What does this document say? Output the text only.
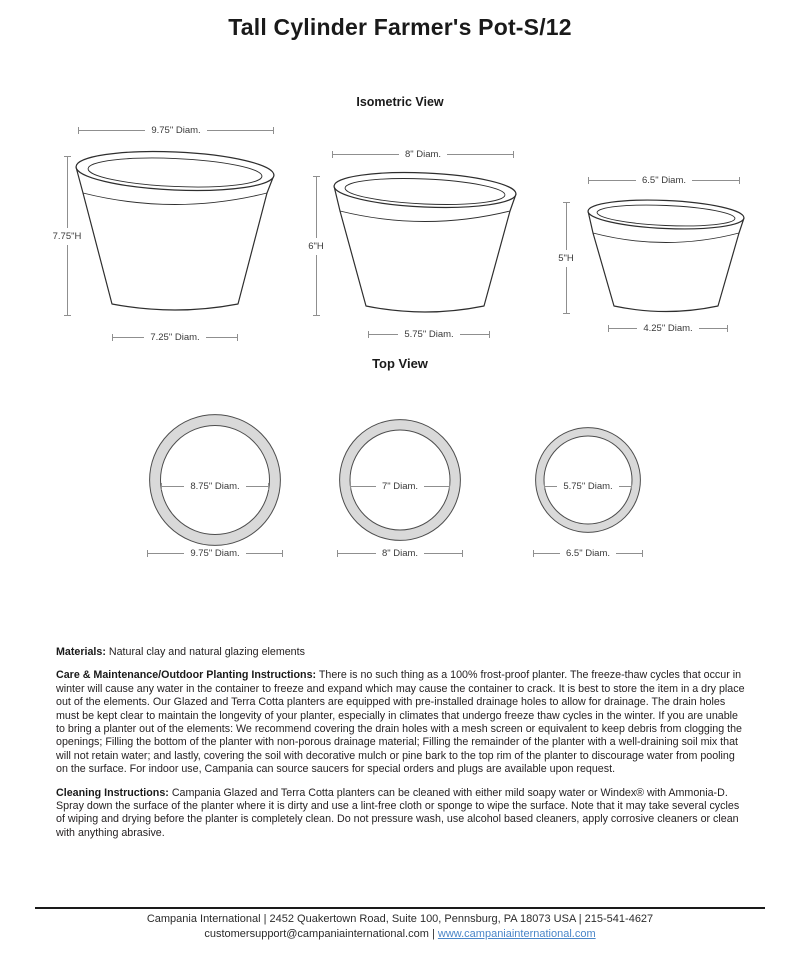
Tall Cylinder Farmer's Pot-S/12
Isometric View
9.75" Diam.
7.75"H
7.25" Diam.
8" Diam.
6"H
5.75" Diam.
6.5" Diam.
5"H
4.25" Diam.
Top View
8.75" Diam.
9.75" Diam.
7" Diam.
8" Diam.
5.75" Diam.
6.5" Diam.

Materials: Natural clay and natural glazing elements

Care & Maintenance/Outdoor Planting Instructions: There is no such thing as a 100% frost-proof planter. The freeze-thaw cycles that occur in winter will cause any water in the container to freeze and expand which may cause the container to crack. It is best to store the item in a dry place out of the elements. Our Glazed and Terra Cotta planters are equipped with pre-installed drainage holes to allow for drainage. The drain holes must be kept clear to maintain the longevity of your planter, especially in climates that undergo freeze thaw cycles in the winter. If you are unable to bring a planter out of the elements: We recommend covering the drain holes with a mesh screen or equivalent to keep debris from clogging the openings; Filling the bottom of the planter with non-porous drainage material; Filling the remainder of the planter with a well-draining soil mix that will not retain water; and lastly, covering the soil with decorative mulch or pine bark to the top rim of the planter to discourage water from pooling on the surface. For indoor use, Campania can source saucers for special orders and plugs are available upon request.

Cleaning Instructions: Campania Glazed and Terra Cotta planters can be cleaned with either mild soapy water or Windex® with Ammonia-D. Spray down the surface of the planter where it is dirty and use a lint-free cloth or sponge to wipe the surface. Note that it may take several cycles of wiping and drying before the planter is completely clean. Do not pressure wash, use alcohol based cleaners, apply corrosive cleaners or clean with anything abrasive.

Campania International | 2452 Quakertown Road, Suite 100, Pennsburg, PA 18073 USA | 215-541-4627
customersupport@campaniainternational.com | www.campaniainternational.com
